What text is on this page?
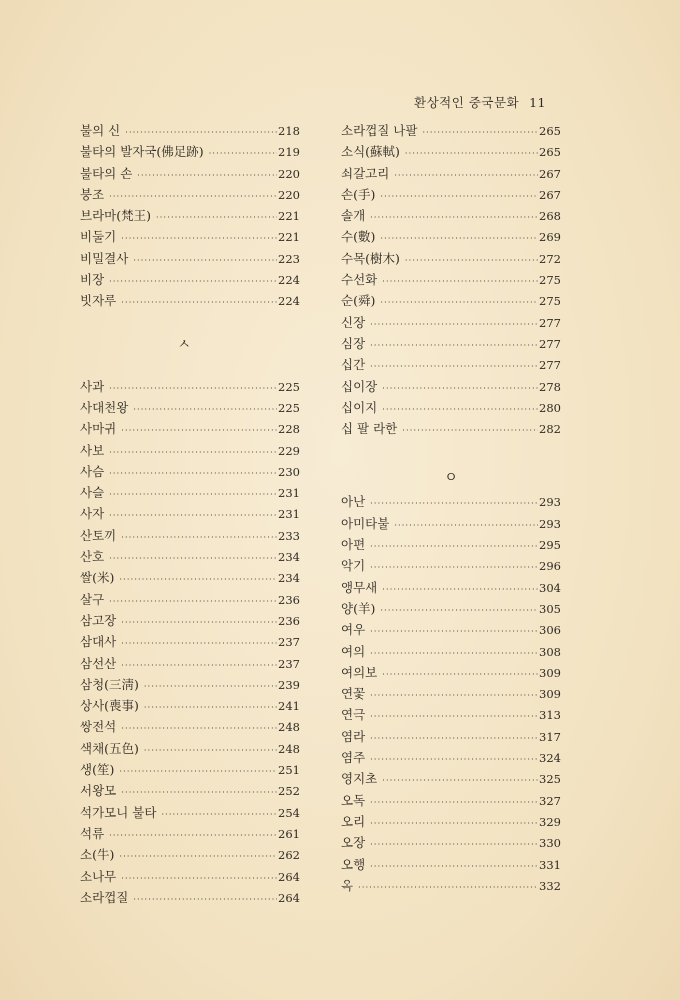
환상적인 중국문화 11
불의 신 ·····	218
불타의 발자국(佛足跡) ·····	219
불타의 손 ·····	220
붕조 ·····	220
브라마(梵王) ·····	221
비둘기 ·····	221
비밀결사 ·····	223
비장 ·····	224
빗자루 ·····	224
ㅅ
사과 ·····	225
사대천왕 ·····	225
사마귀 ·····	228
사보 ·····	229
사슴 ·····	230
사슬 ·····	231
사자 ·····	231
산토끼 ·····	233
산호 ·····	234
쌀(米) ·····	234
살구 ·····	236
삼고장 ·····	236
삼대사 ·····	237
삼선산 ·····	237
삼청(三淸) ·····	239
상사(喪事) ·····	241
쌍전석 ·····	248
색채(五色) ·····	248
생(笙) ·····	251
서왕모 ·····	252
석가모니 불타 ·····	254
석류 ·····	261
소(牛) ·····	262
소나무 ·····	264
소라껍질 ·····	264
소라껍질 나팔 ·····	265
소식(蘇軾) ·····	265
쇠갈고리 ·····	267
손(手) ·····	267
솔개 ·····	268
수(數) ·····	269
수목(樹木) ·····	272
수선화 ·····	275
순(舜) ·····	275
신장 ·····	277
심장 ·····	277
십간 ·····	277
십이장 ·····	278
십이지 ·····	280
십 팔 라한 ·····	282
ㅇ
아난 ·····	293
아미타불 ·····	293
아편 ·····	295
악기 ·····	296
앵무새 ·····	304
양(羊) ·····	305
여우 ·····	306
여의 ·····	308
여의보 ·····	309
연꽃 ·····	309
연극 ·····	313
염라 ·····	317
염주 ·····	324
영지초 ·····	325
오독 ·····	327
오리 ·····	329
오장 ·····	330
오행 ·····	331
옥 ·····	332
